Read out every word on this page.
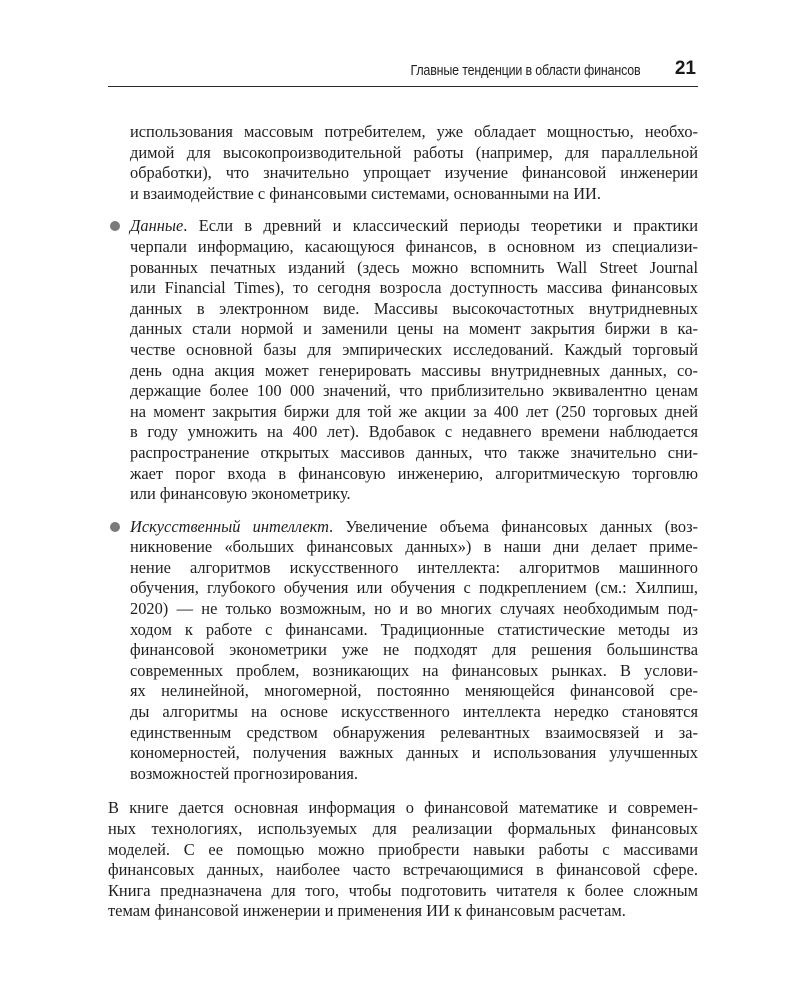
Главные тенденции в области финансов 21
использования массовым потребителем, уже обладает мощностью, необхо-
димой для высокопроизводительной работы (например, для параллельной
обработки), что значительно упрощает изучение финансовой инженерии
и взаимодействие с финансовыми системами, основанными на ИИ.
Данные. Если в древний и классический периоды теоретики и практики
черпали информацию, касающуюся финансов, в основном из специализи-
рованных печатных изданий (здесь можно вспомнить Wall Street Journal
или Financial Times), то сегодня возросла доступность массива финансовых
данных в электронном виде. Массивы высокочастотных внутридневных
данных стали нормой и заменили цены на момент закрытия биржи в ка-
честве основной базы для эмпирических исследований. Каждый торговый
день одна акция может генерировать массивы внутридневных данных, со-
держащие более 100 000 значений, что приблизительно эквивалентно ценам
на момент закрытия биржи для той же акции за 400 лет (250 торговых дней
в году умножить на 400 лет). Вдобавок с недавнего времени наблюдается
распространение открытых массивов данных, что также значительно сни-
жает порог входа в финансовую инженерию, алгоритмическую торговлю
или финансовую эконометрику.
Искусственный интеллект. Увеличение объема финансовых данных (воз-
никновение «больших финансовых данных») в наши дни делает приме-
нение алгоритмов искусственного интеллекта: алгоритмов машинного
обучения, глубокого обучения или обучения с подкреплением (см.: Хилпиш,
2020) — не только возможным, но и во многих случаях необходимым под-
ходом к работе с финансами. Традиционные статистические методы из
финансовой эконометрики уже не подходят для решения большинства
современных проблем, возникающих на финансовых рынках. В услови-
ях нелинейной, многомерной, постоянно меняющейся финансовой сре-
ды алгоритмы на основе искусственного интеллекта нередко становятся
единственным средством обнаружения релевантных взаимосвязей и за-
кономерностей, получения важных данных и использования улучшенных
возможностей прогнозирования.
В книге дается основная информация о финансовой математике и современ-
ных технологиях, используемых для реализации формальных финансовых
моделей. С ее помощью можно приобрести навыки работы с массивами
финансовых данных, наиболее часто встречающимися в финансовой сфере.
Книга предназначена для того, чтобы подготовить читателя к более сложным
темам финансовой инженерии и применения ИИ к финансовым расчетам.
